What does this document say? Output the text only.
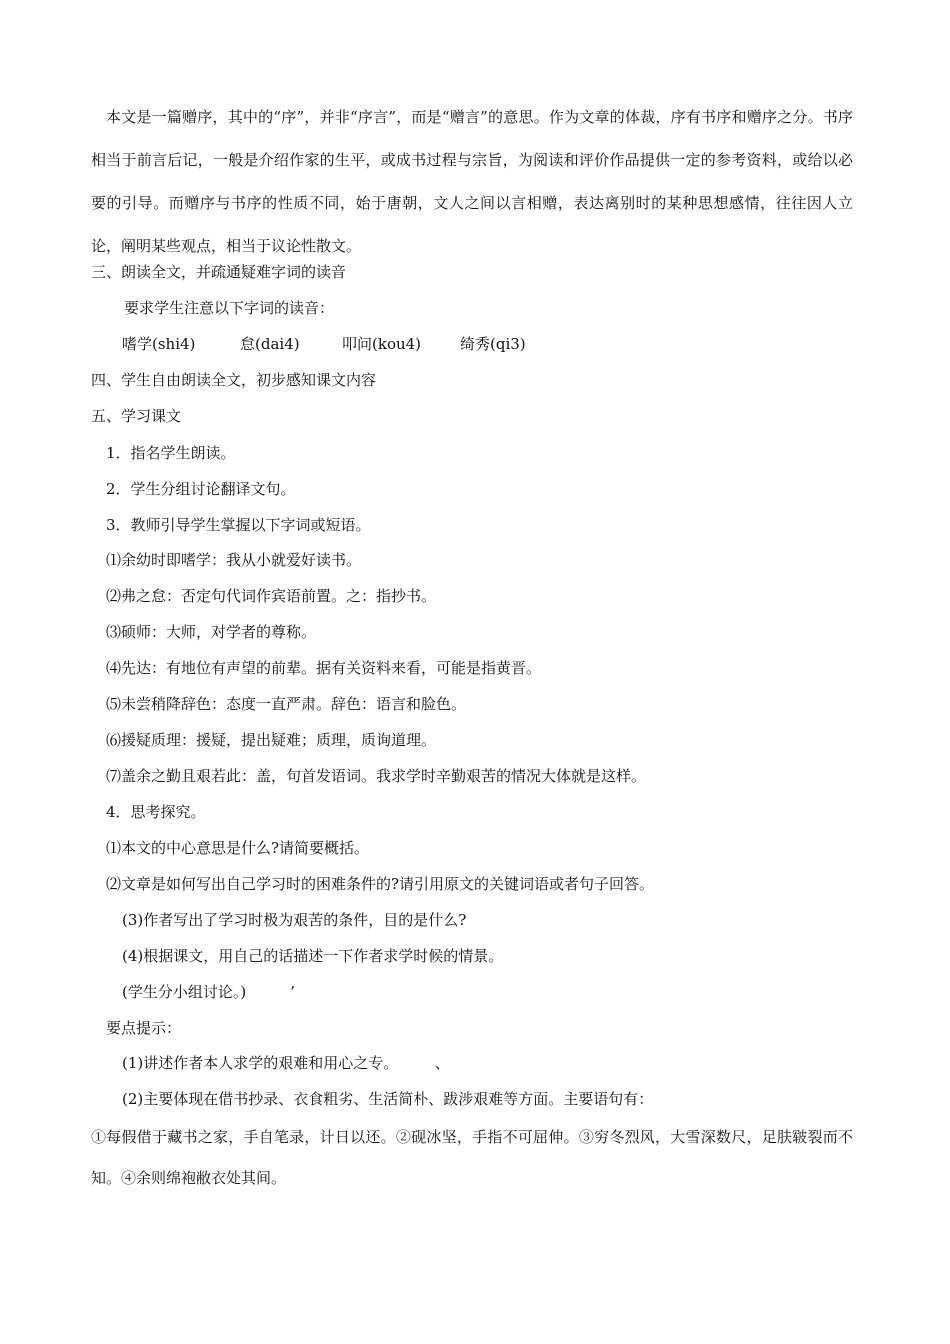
本文是一篇赠序，其中的“序”，并非“序言”，而是“赠言”的意思。作为文章的体裁，序有书序和赠序之分。书序相当于前言后记，一般是介绍作家的生平，或成书过程与宗旨，为阅读和评价作品提供一定的参考资料，或给以必要的引导。而赠序与书序的性质不同，始于唐朝，文人之间以言相赠，表达离别时的某种思想感情，往往因人立论，阐明某些观点，相当于议论性散文。

三、朗读全文，并疏通疑难字词的读音

要求学生注意以下字词的读音：

嗜学(shi4)	怠(dai4)	叩问(kou4)	绮秀(qi3)

四、学生自由朗读全文，初步感知课文内容

五、学习课文

1．指名学生朗读。

2．学生分组讨论翻译文句。

3．教师引导学生掌握以下字词或短语。

⑴余幼时即嗜学：我从小就爱好读书。

⑵弗之怠：否定句代词作宾语前置。之：指抄书。

⑶硕师：大师，对学者的尊称。

⑷先达：有地位有声望的前辈。据有关资料来看，可能是指黄晋。

⑸未尝稍降辞色：态度一直严肃。辞色：语言和脸色。

⑹援疑质理：援疑，提出疑难；质理，质询道理。

⑺盖余之勤且艰若此：盖，句首发语词。我求学时辛勤艰苦的情况大体就是这样。

4．思考探究。

⑴本文的中心意思是什么?请简要概括。

⑵文章是如何写出自己学习时的困难条件的?请引用原文的关键词语或者句子回答。

(3)作者写出了学习时极为艰苦的条件，目的是什么?

(4)根据课文，用自己的话描述一下作者求学时候的情景。

(学生分小组讨论。)	’

要点提示：

(1)讲述作者本人求学的艰难和用心之专。	、

(2)主要体现在借书抄录、衣食粗劣、生活简朴、跋涉艰难等方面。主要语句有：

①每假借于藏书之家，手自笔录，计日以还。②砚冰坚，手指不可屈伸。③穷冬烈风，大雪深数尺，足肤皲裂而不知。④余则绵袍敝衣处其间。
